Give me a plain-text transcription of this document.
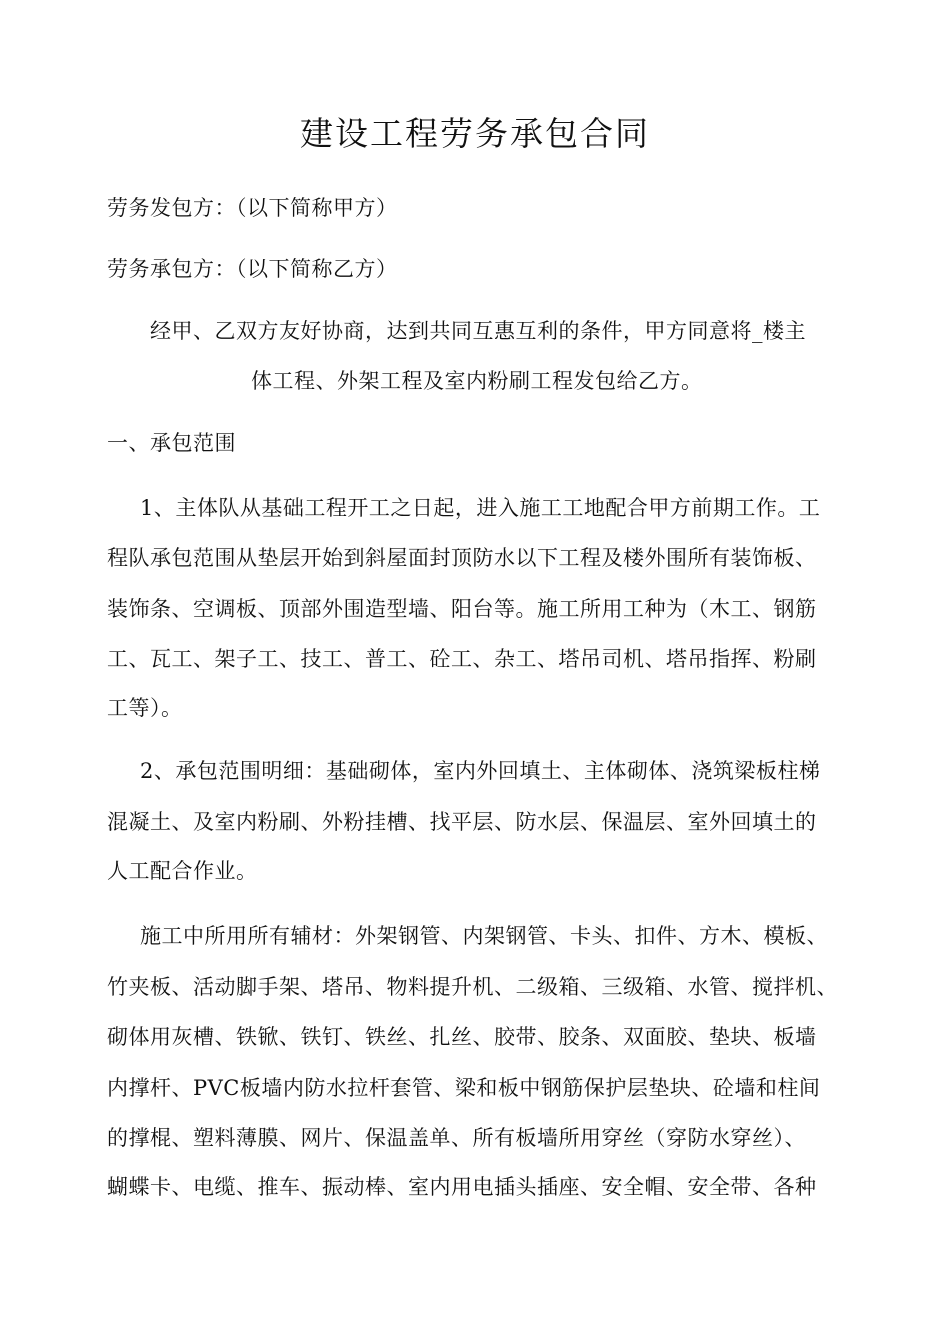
建设工程劳务承包合同
劳务发包方：（以下简称甲方）
劳务承包方：（以下简称乙方）
经甲、乙双方友好协商，达到共同互惠互利的条件，甲方同意将_楼主
体工程、外架工程及室内粉刷工程发包给乙方。
一、承包范围
1、主体队从基础工程开工之日起，进入施工工地配合甲方前期工作。工
程队承包范围从垫层开始到斜屋面封顶防水以下工程及楼外围所有装饰板、
装饰条、空调板、顶部外围造型墙、阳台等。施工所用工种为（木工、钢筋
工、瓦工、架子工、技工、普工、砼工、杂工、塔吊司机、塔吊指挥、粉刷
工等）。
2、承包范围明细：基础砌体，室内外回填土、主体砌体、浇筑梁板柱梯
混凝土、及室内粉刷、外粉挂槽、找平层、防水层、保温层、室外回填土的
人工配合作业。
施工中所用所有辅材：外架钢管、内架钢管、卡头、扣件、方木、模板、
竹夹板、活动脚手架、塔吊、物料提升机、二级箱、三级箱、水管、搅拌机、
砌体用灰槽、铁锨、铁钉、铁丝、扎丝、胶带、胶条、双面胶、垫块、板墙
内撑杆、PVC板墙内防水拉杆套管、梁和板中钢筋保护层垫块、砼墙和柱间
的撑棍、塑料薄膜、网片、保温盖单、所有板墙所用穿丝（穿防水穿丝）、
蝴蝶卡、电缆、推车、振动棒、室内用电插头插座、安全帽、安全带、各种
